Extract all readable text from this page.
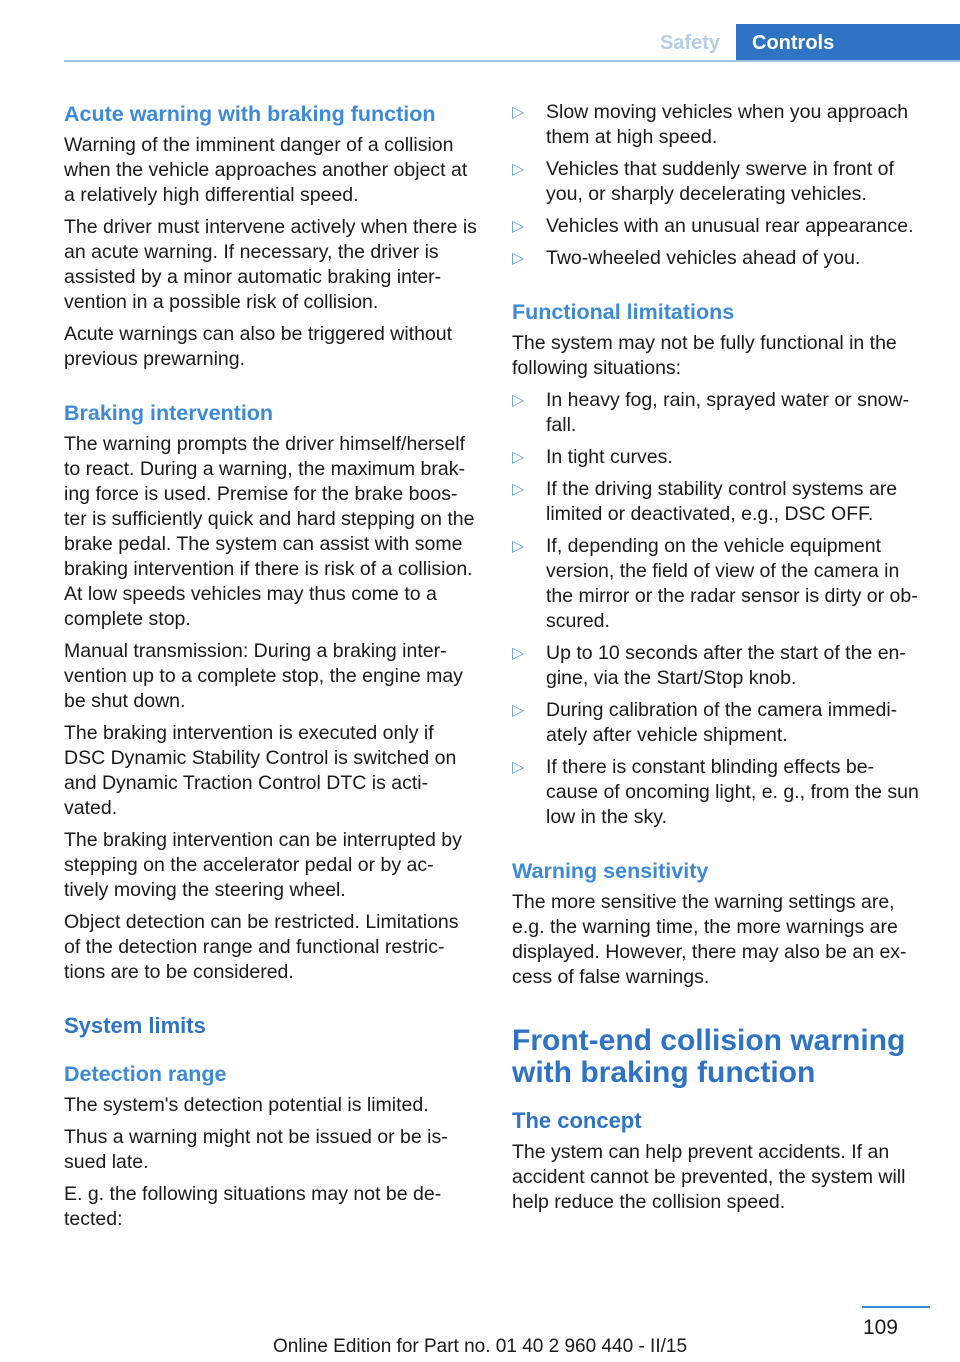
Safety	Controls
Acute warning with braking function

Warning of the imminent danger of a collision when the vehicle approaches another object at a relatively high differential speed.

The driver must intervene actively when there is an acute warning. If necessary, the driver is assisted by a minor automatic braking inter‐ vention in a possible risk of collision.

Acute warnings can also be triggered without previous prewarning.

Braking intervention

The warning prompts the driver himself/herself to react. During a warning, the maximum brak‐ ing force is used. Premise for the brake boos‐ ter is sufficiently quick and hard stepping on the brake pedal. The system can assist with some braking intervention if there is risk of a collision. At low speeds vehicles may thus come to a complete stop.

Manual transmission: During a braking inter‐ vention up to a complete stop, the engine may be shut down.

The braking intervention is executed only if DSC Dynamic Stability Control is switched on and Dynamic Traction Control DTC is acti‐ vated.

The braking intervention can be interrupted by stepping on the accelerator pedal or by ac‐ tively moving the steering wheel.

Object detection can be restricted. Limitations of the detection range and functional restric‐ tions are to be considered.

System limits
Detection range

The system's detection potential is limited.

Thus a warning might not be issued or be is‐ sued late.

E. g. the following situations may not be de‐ tected:

▷ Slow moving vehicles when you approach them at high speed.
▷ Vehicles that suddenly swerve in front of you, or sharply decelerating vehicles.
▷ Vehicles with an unusual rear appearance.
▷ Two-wheeled vehicles ahead of you.
Functional limitations

The system may not be fully functional in the following situations:

▷ In heavy fog, rain, sprayed water or snow‐ fall.
▷ In tight curves.
▷ If the driving stability control systems are limited or deactivated, e.g., DSC OFF.
▷ If, depending on the vehicle equipment version, the field of view of the camera in the mirror or the radar sensor is dirty or ob‐ scured.
▷ Up to 10 seconds after the start of the en‐ gine, via the Start/Stop knob.
▷ During calibration of the camera immedi‐ ately after vehicle shipment.
▷ If there is constant blinding effects be‐ cause of oncoming light, e. g., from the sun low in the sky.
Warning sensitivity

The more sensitive the warning settings are, e.g. the warning time, the more warnings are displayed. However, there may also be an ex‐ cess of false warnings.

Front-end collision warning with braking function
The concept

The ystem can help prevent accidents. If an accident cannot be prevented, the system will help reduce the collision speed.

109
Online Edition for Part no. 01 40 2 960 440 - II/15
